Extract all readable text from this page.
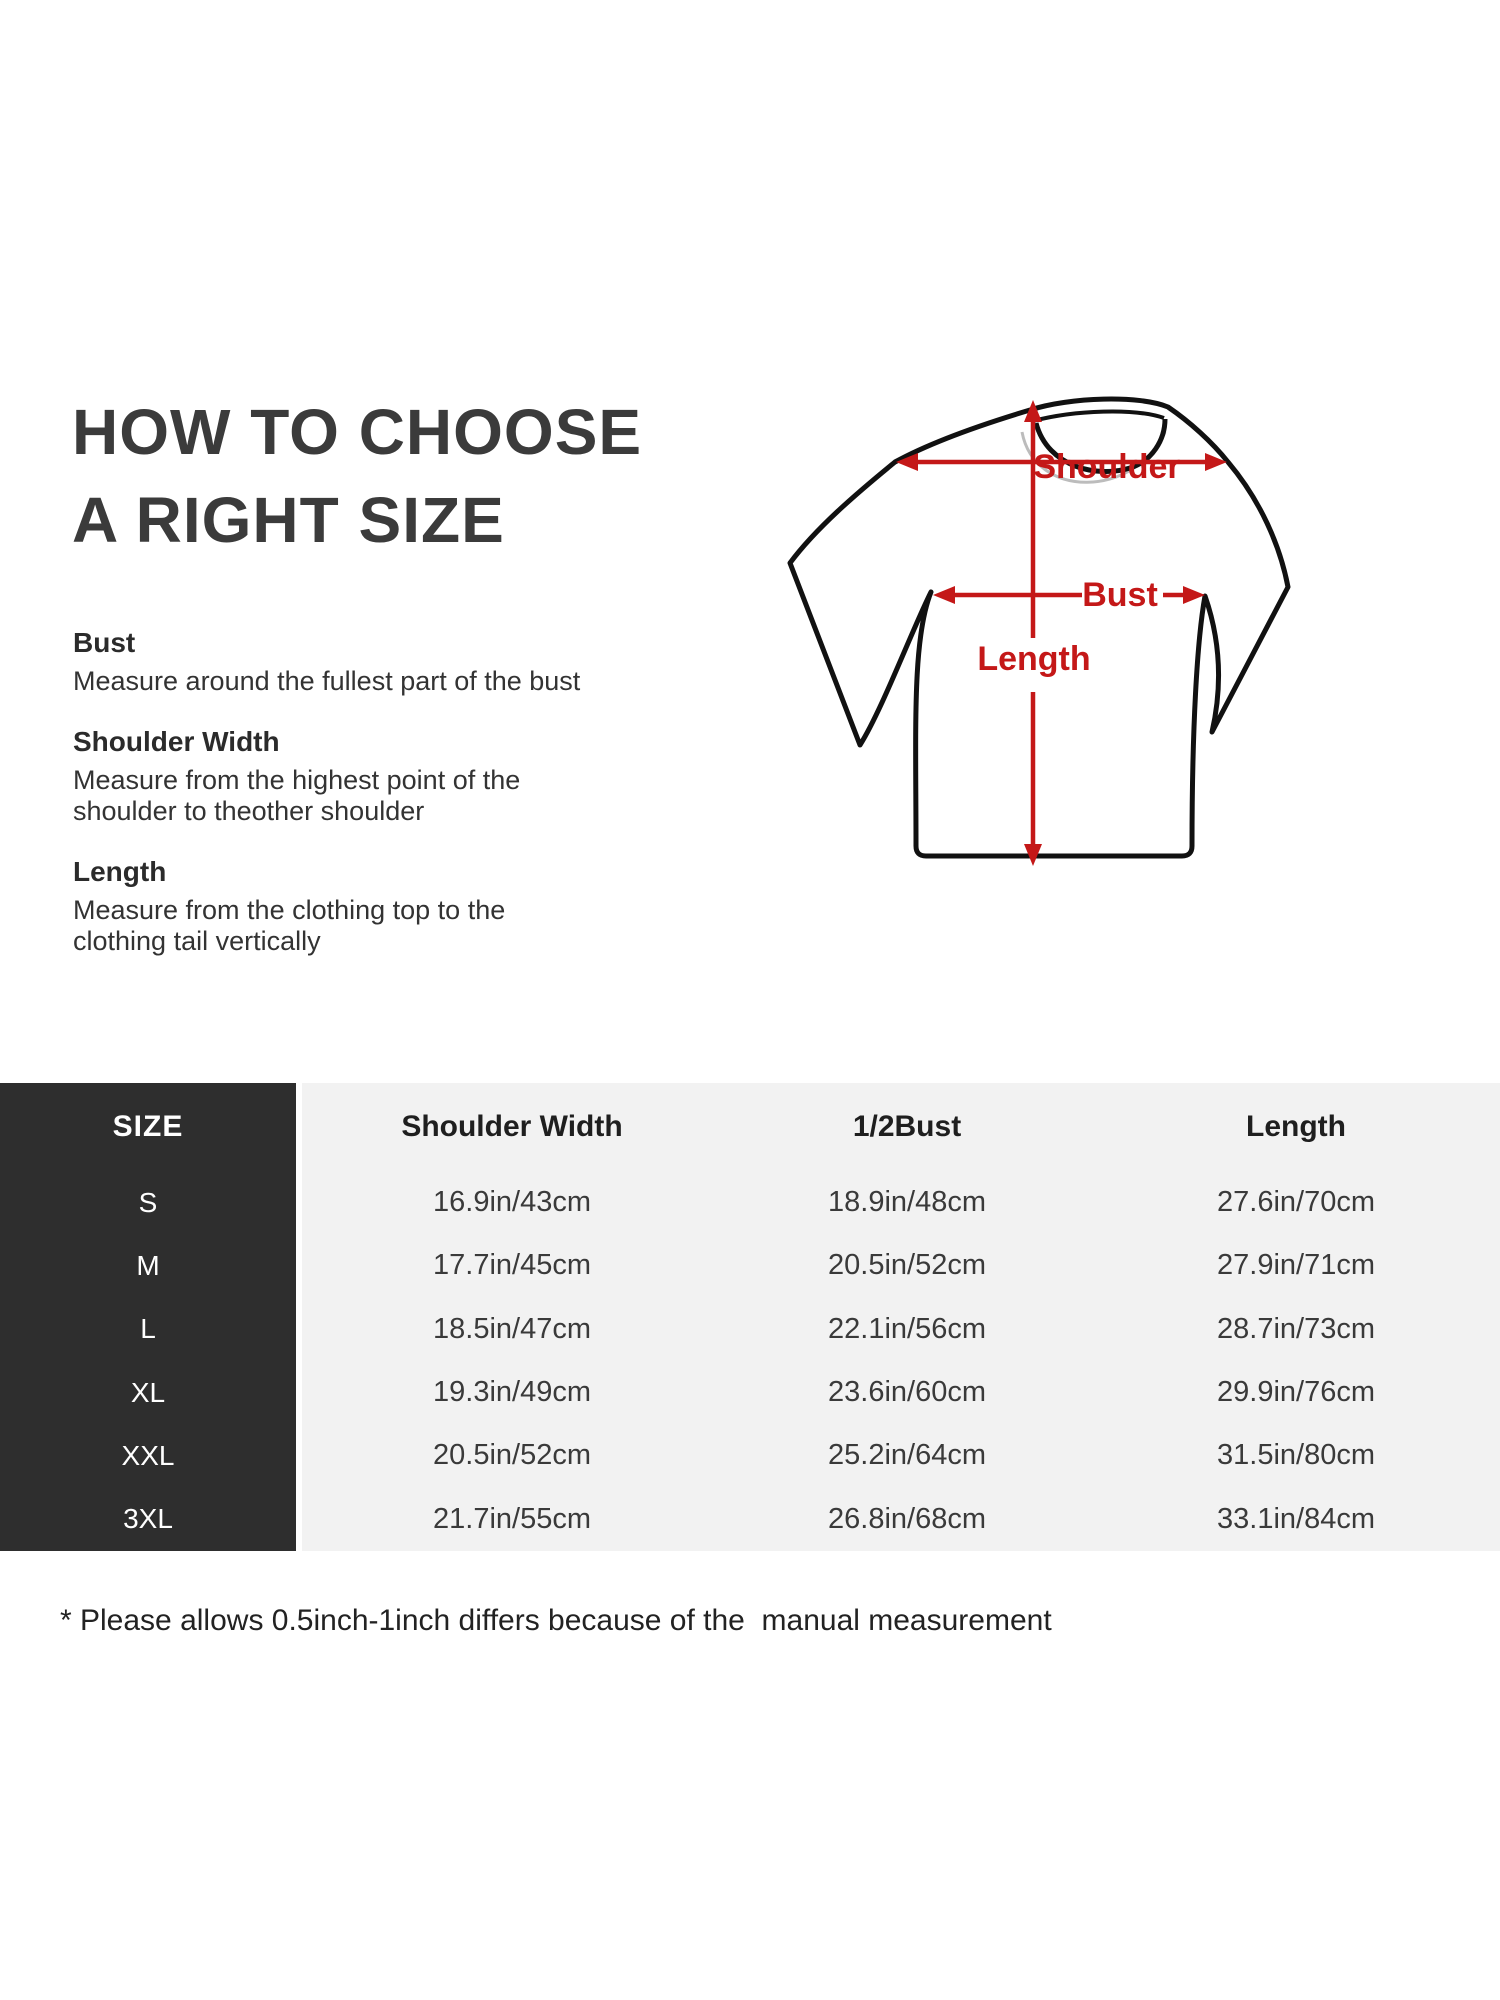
HOW TO CHOOSE
A RIGHT SIZE

Bust

Measure around the fullest part of the bust

Shoulder Width

Measure from the highest point of the

shoulder to theother shoulder

Length

Measure from the clothing top to the

clothing tail vertically

Shoulder
Bust
Length
SIZE	Shoulder Width	1/2Bust	Length
S	16.9in/43cm	18.9in/48cm	27.6in/70cm
M	17.7in/45cm	20.5in/52cm	27.9in/71cm
L	18.5in/47cm	22.1in/56cm	28.7in/73cm
XL	19.3in/49cm	23.6in/60cm	29.9in/76cm
XXL	20.5in/52cm	25.2in/64cm	31.5in/80cm
3XL	21.7in/55cm	26.8in/68cm	33.1in/84cm
* Please allows 0.5inch-1inch differs because of the  manual measurement
